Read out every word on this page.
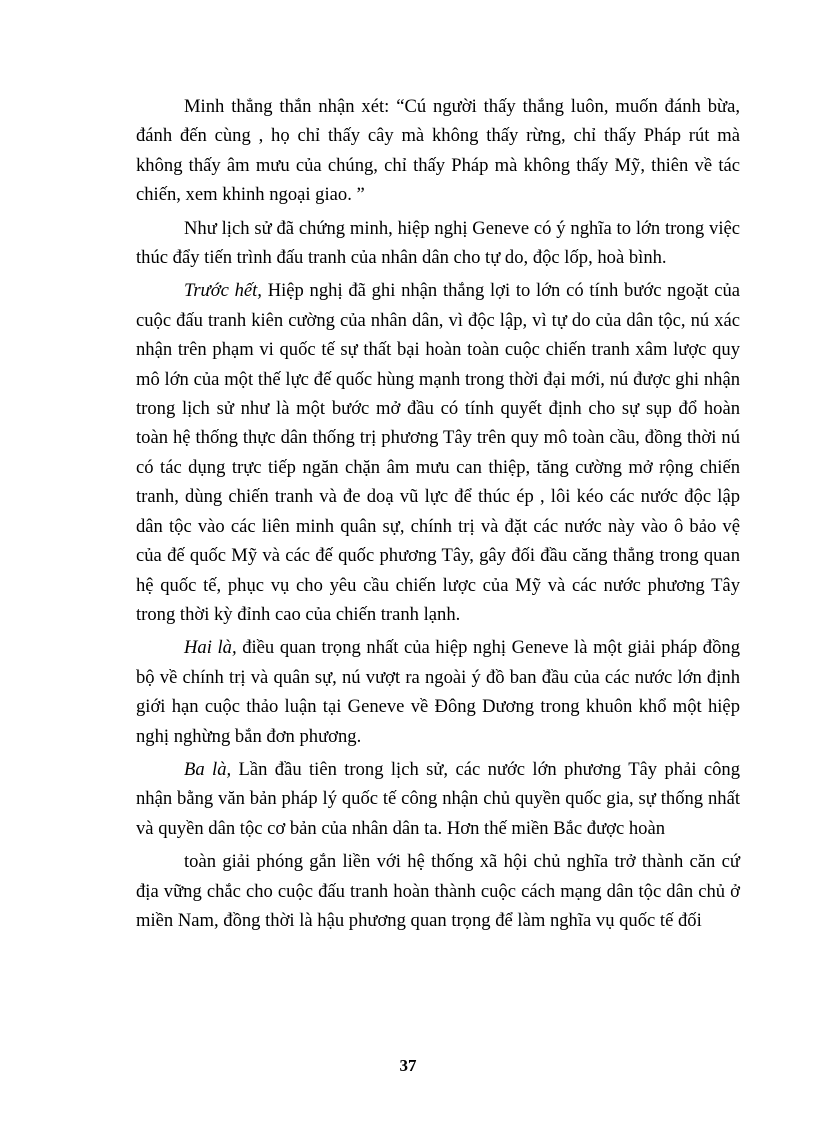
Minh thẳng thắn nhận xét: “Cú người thấy thắng luôn, muốn đánh bừa, đánh đến cùng , họ chỉ thấy cây mà không thấy rừng, chỉ thấy Pháp rút mà không thấy âm mưu của chúng, chỉ thấy Pháp mà không thấy Mỹ, thiên về tác chiến, xem khinh ngoại giao. ”

Như lịch sử đã chứng minh, hiệp nghị Geneve có ý nghĩa to lớn trong việc thúc đẩy tiến trình đấu tranh của nhân dân cho tự do, độc lốp, hoà bình.

Trước hết, Hiệp nghị đã ghi nhận thắng lợi to lớn có tính bước ngoặt của cuộc đấu tranh kiên cường của nhân dân, vì độc lập, vì tự do của dân tộc, nú xác nhận trên phạm vi quốc tế sự thất bại hoàn toàn cuộc chiến tranh xâm lược quy mô lớn của một thế lực đế quốc hùng mạnh trong thời đại mới, nú được ghi nhận trong lịch sử như là một bước mở đầu có tính quyết định cho sự sụp đổ hoàn toàn hệ thống thực dân thống trị phương Tây trên quy mô toàn cầu, đồng thời nú có tác dụng trực tiếp ngăn chặn âm mưu can thiệp, tăng cường mở rộng chiến tranh, dùng chiến tranh và đe doạ vũ lực để thúc ép , lôi kéo các nước độc lập dân tộc vào các liên minh quân sự, chính trị và đặt các nước này vào ô bảo vệ của đế quốc Mỹ và các đế quốc phương Tây, gây đối đầu căng thẳng trong quan hệ quốc tế, phục vụ cho yêu cầu chiến lược của Mỹ và các nước phương Tây trong thời kỳ đỉnh cao của chiến tranh lạnh.

Hai là, điều quan trọng nhất của hiệp nghị Geneve là một giải pháp đồng bộ về chính trị và quân sự, nú vượt ra ngoài ý đồ ban đầu của các nước lớn định giới hạn cuộc thảo luận tại Geneve về Đông Dương trong khuôn khổ một hiệp nghị nghừng bắn đơn phương.

Ba là, Lần đầu tiên trong lịch sử, các nước lớn phương Tây phải công nhận bằng văn bản pháp lý quốc tế công nhận chủ quyền quốc gia, sự thống nhất và quyền dân tộc cơ bản của nhân dân ta. Hơn thế miền Bắc được hoàn

toàn giải phóng gắn liền với hệ thống xã hội chủ nghĩa trở thành căn cứ địa vững chắc cho cuộc đấu tranh hoàn thành cuộc cách mạng dân tộc dân chủ ở miền Nam, đồng thời là hậu phương quan trọng để làm nghĩa vụ quốc tế đối

37
